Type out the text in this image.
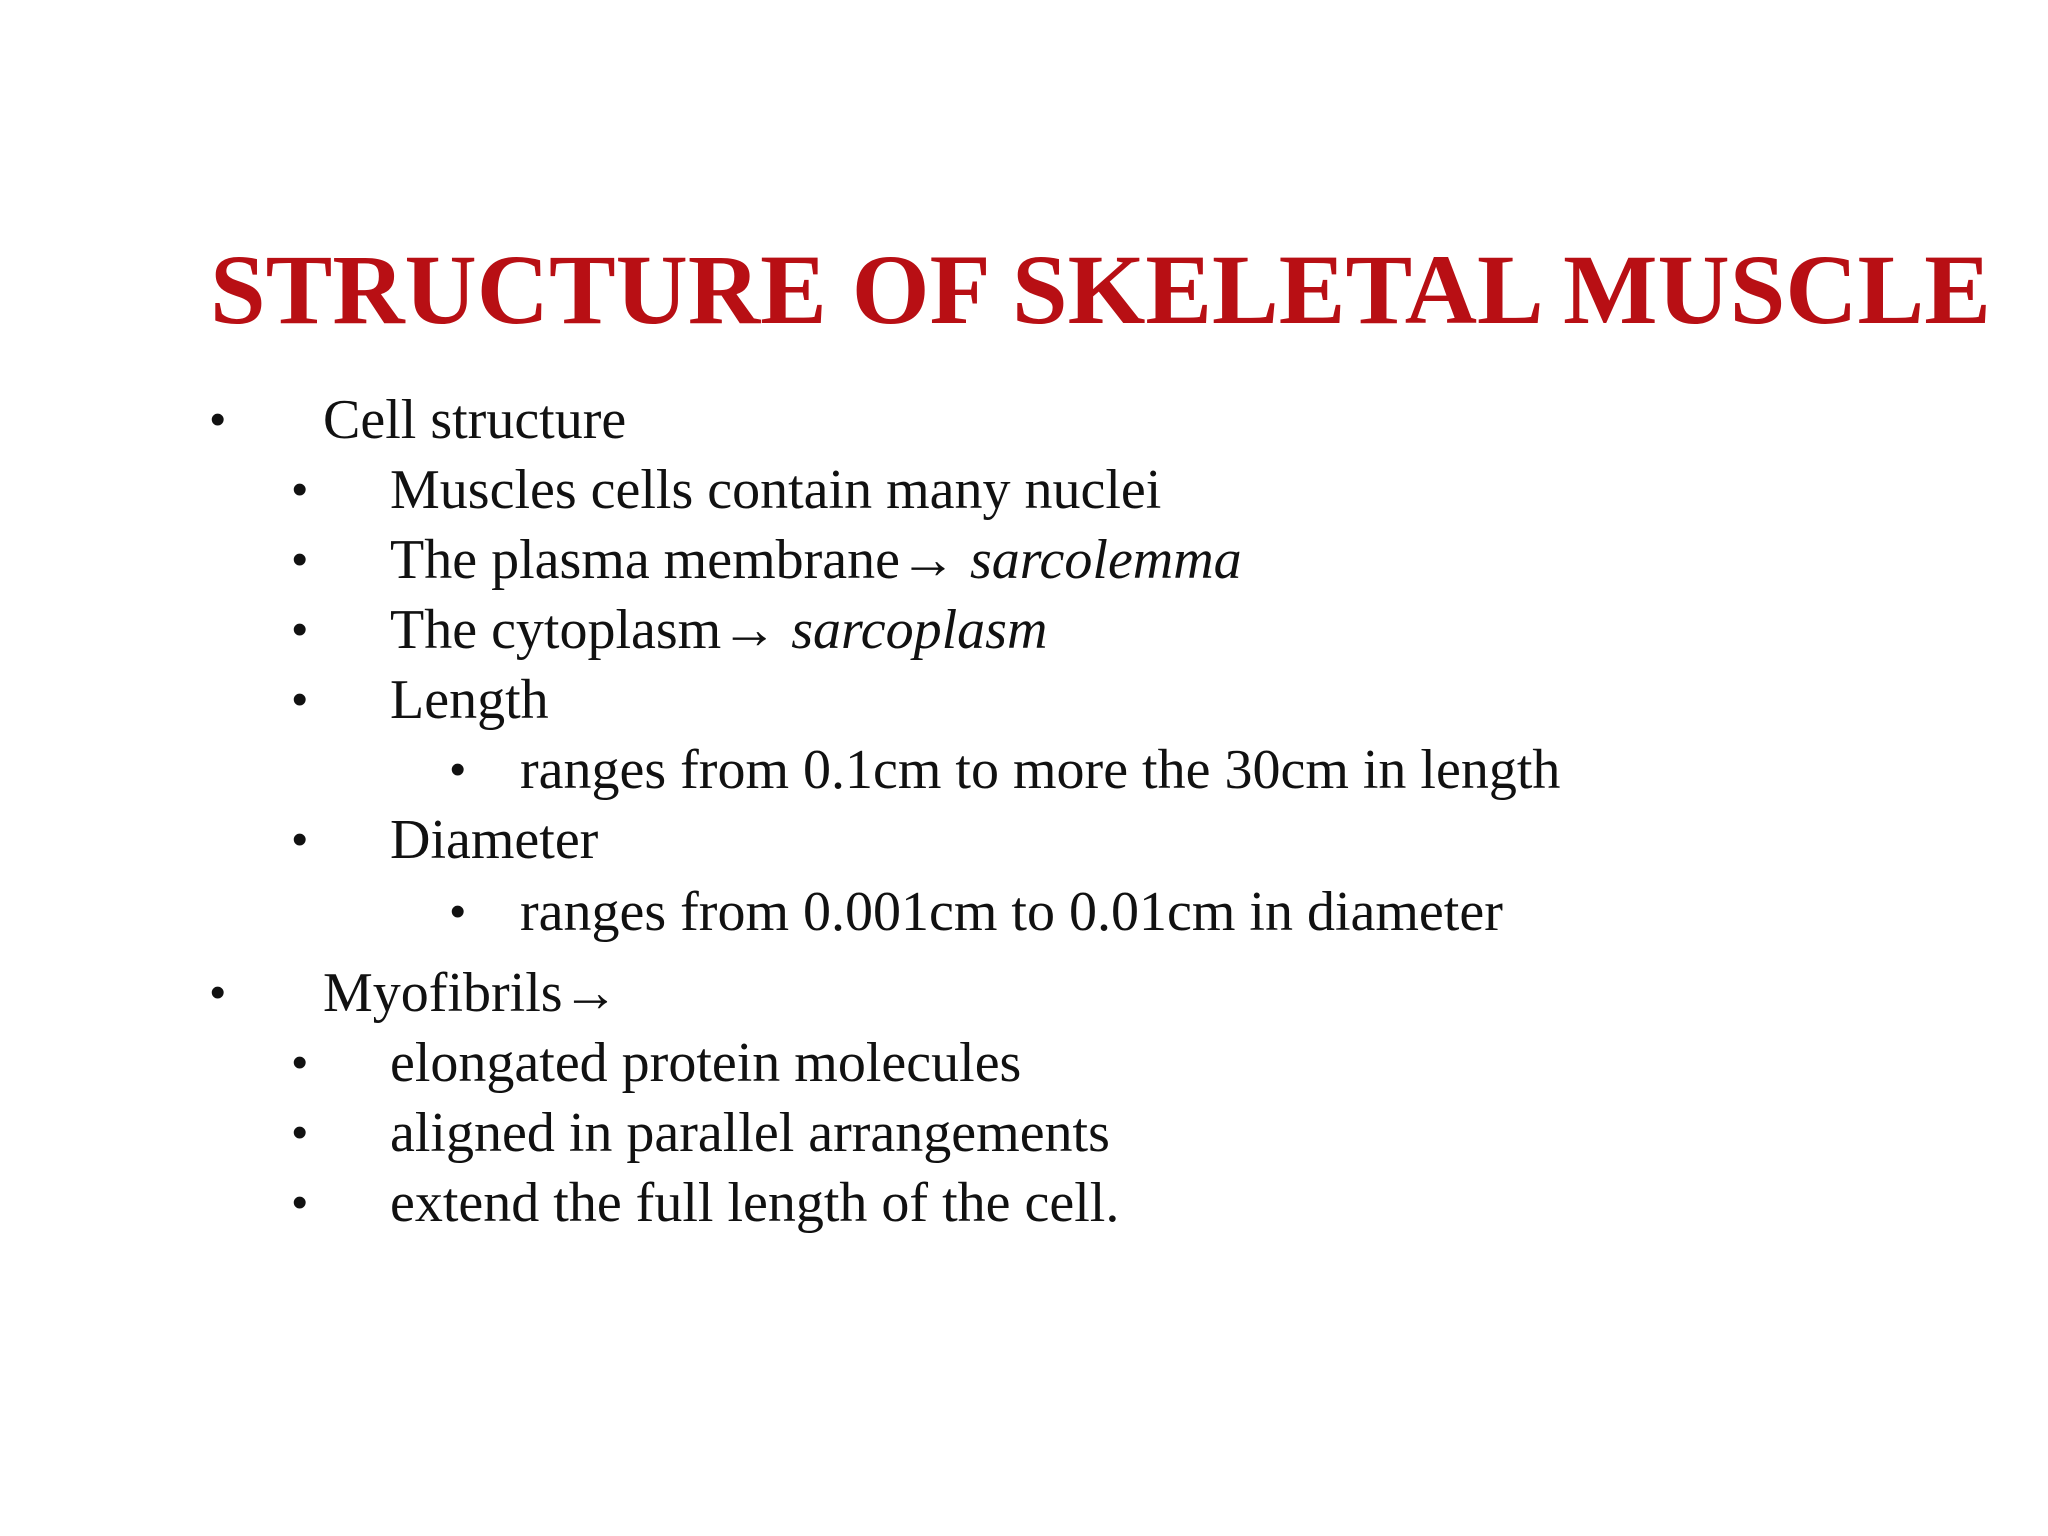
STRUCTURE OF SKELETAL MUSCLE
• Cell structure
• Muscles cells contain many nuclei
• The plasma membrane→ sarcolemma
• The cytoplasm→ sarcoplasm
• Length
• ranges from 0.1cm to more the 30cm in length
• Diameter
• ranges from 0.001cm to 0.01cm in diameter
• Myofibrils→
• elongated protein molecules
• aligned in parallel arrangements
• extend the full length of the cell.
